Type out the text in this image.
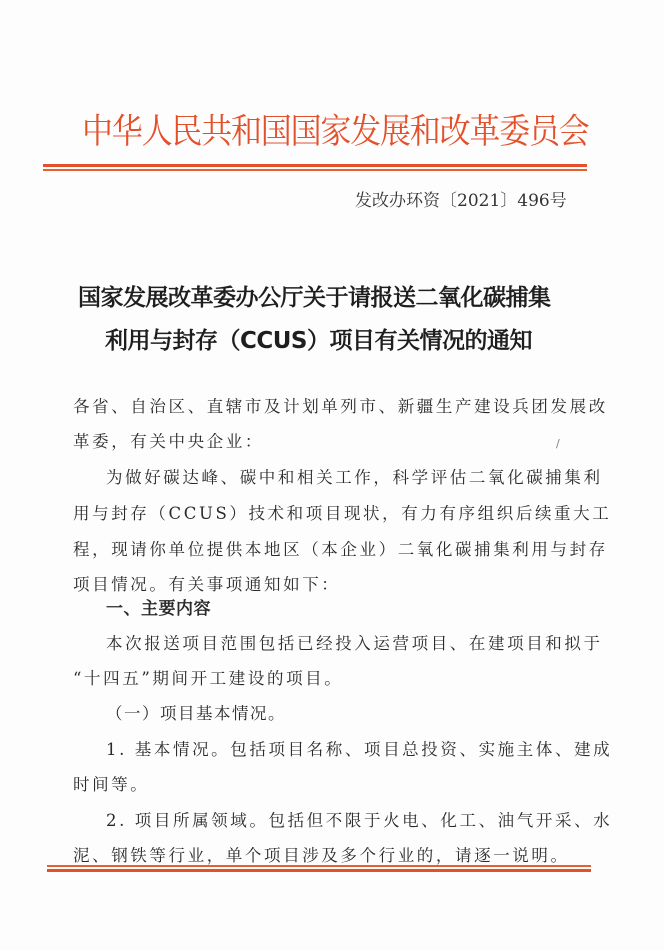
中华人民共和国国家发展和改革委员会
发改办环资〔2021〕496号
国家发展改革委办公厅关于请报送二氧化碳捕集
利用与封存（CCUS）项目有关情况的通知
各省、自治区、直辖市及计划单列市、新疆生产建设兵团发展改
革委，有关中央企业：	/
为做好碳达峰、碳中和相关工作，科学评估二氧化碳捕集利
用与封存（CCUS）技术和项目现状，有力有序组织后续重大工
程，现请你单位提供本地区（本企业）二氧化碳捕集利用与封存
项目情况。有关事项通知如下：
一、主要内容
本次报送项目范围包括已经投入运营项目、在建项目和拟于
“十四五”期间开工建设的项目。
（一）项目基本情况。
1. 基本情况。包括项目名称、项目总投资、实施主体、建成
时间等。
2. 项目所属领域。包括但不限于火电、化工、油气开采、水
泥、钢铁等行业，单个项目涉及多个行业的，请逐一说明。
